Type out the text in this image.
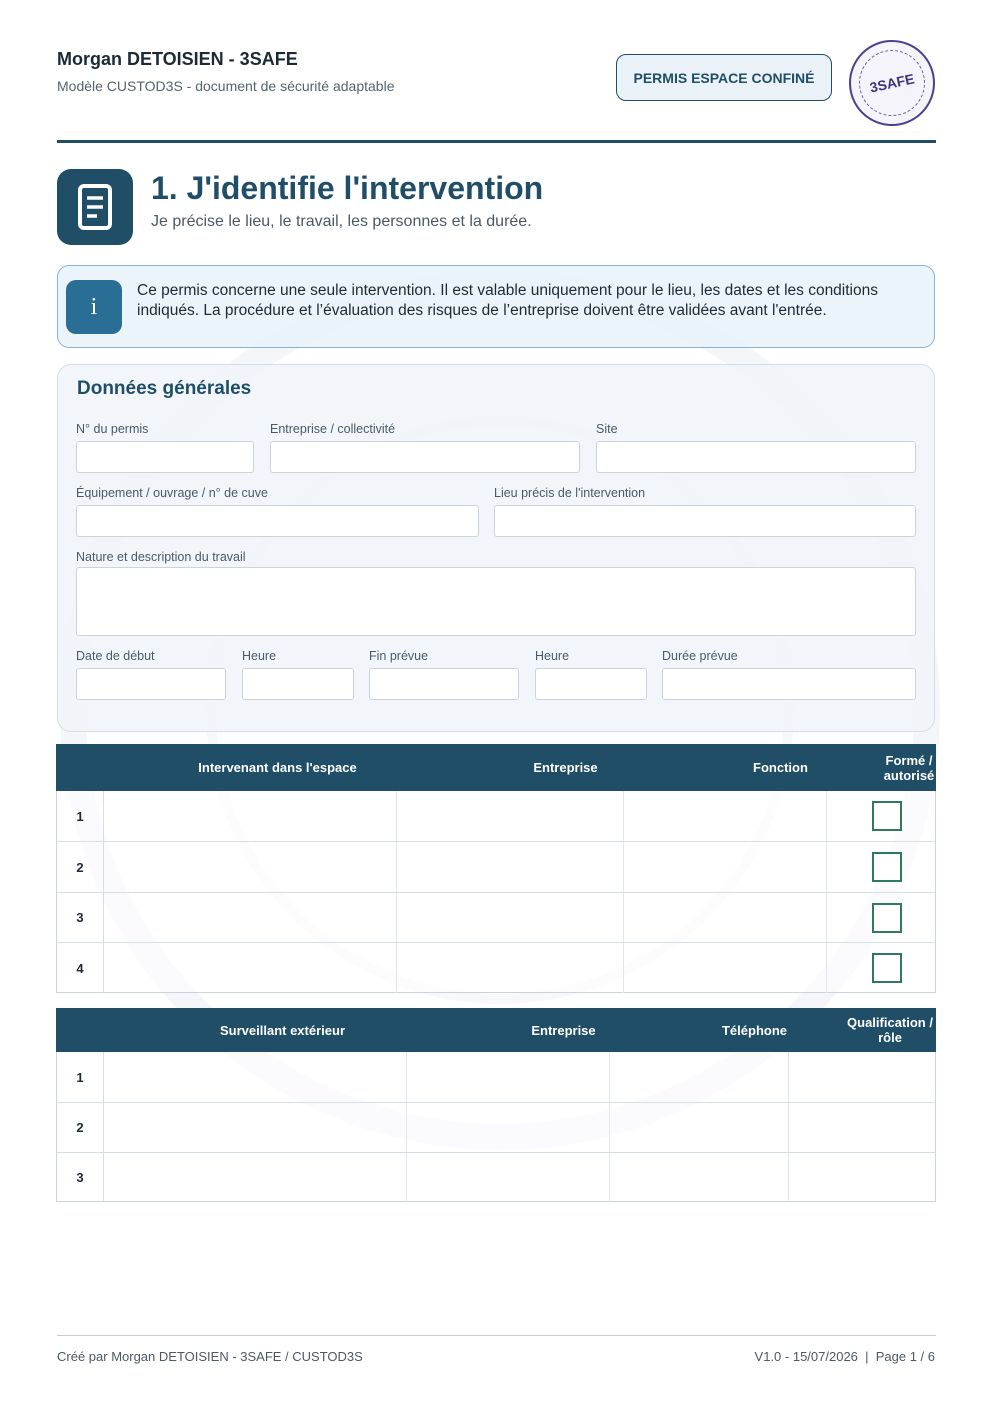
Morgan DETOISIEN - 3SAFE
Modèle CUSTOD3S - document de sécurité adaptable
PERMIS ESPACE CONFINÉ	3SAFE
1. J'identifie l'intervention
Je précise le lieu, le travail, les personnes et la durée.
i
Ce permis concerne une seule intervention. Il est valable uniquement pour le lieu, les dates et les conditions indiqués. La procédure et l’évaluation des risques de l’entreprise doivent être validées avant l'entrée.
Données générales
N° du permis	Entreprise / collectivité	Site
Équipement / ouvrage / n° de cuve	Lieu précis de l'intervention
Nature et description du travail
Date de début	Heure	Fin prévue	Heure	Durée prévue
Intervenant dans l'espace	Entreprise	Fonction	Formé /
autorisé
1
2
3
4
Surveillant extérieur	Entreprise	Téléphone	Qualification / rôle
1
2
3
Créé par Morgan DETOISIEN - 3SAFE / CUSTOD3S	V1.0 - 15/07/2026  |  Page 1 / 6
